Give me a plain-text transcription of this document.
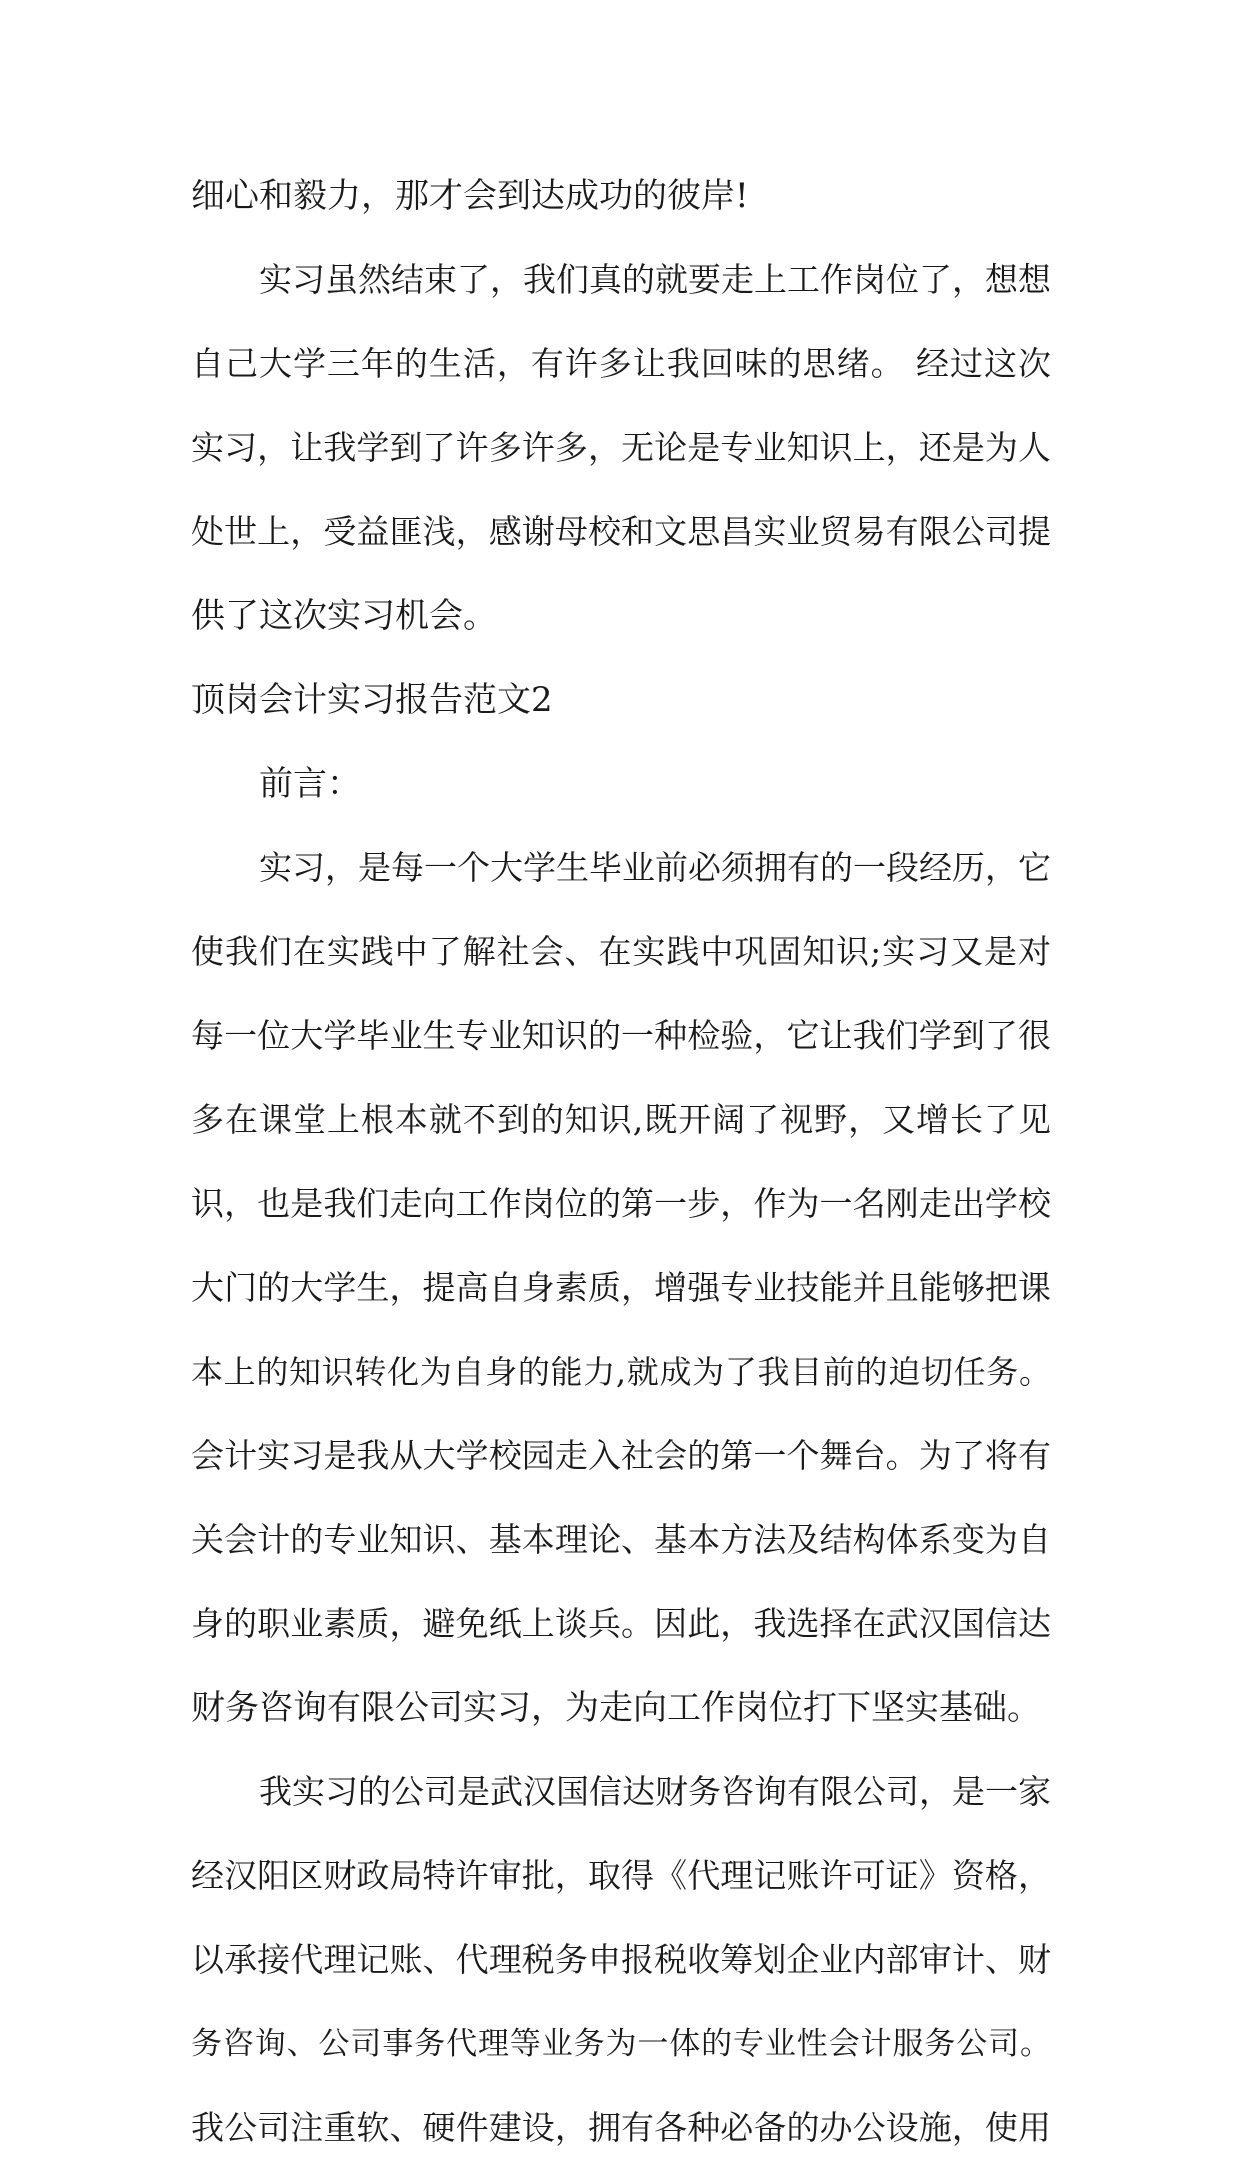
细心和毅力，那才会到达成功的彼岸!
实习虽然结束了，我们真的就要走上工作岗位了，想想
自己大学三年的生活，有许多让我回味的思绪。 经过这次
实习，让我学到了许多许多，无论是专业知识上，还是为人
处世上，受益匪浅，感谢母校和文思昌实业贸易有限公司提
供了这次实习机会。
顶岗会计实习报告范文2
前言：
实习，是每一个大学生毕业前必须拥有的一段经历，它
使我们在实践中了解社会、在实践中巩固知识;实习又是对
每一位大学毕业生专业知识的一种检验，它让我们学到了很
多在课堂上根本就不到的知识,既开阔了视野，又增长了见
识，也是我们走向工作岗位的第一步，作为一名刚走出学校
大门的大学生，提高自身素质，增强专业技能并且能够把课
本上的知识转化为自身的能力,就成为了我目前的迫切任务。
会计实习是我从大学校园走入社会的第一个舞台。为了将有
关会计的专业知识、基本理论、基本方法及结构体系变为自
身的职业素质，避免纸上谈兵。因此，我选择在武汉国信达
财务咨询有限公司实习，为走向工作岗位打下坚实基础。
我实习的公司是武汉国信达财务咨询有限公司，是一家
经汉阳区财政局特许审批，取得《代理记账许可证》资格，
以承接代理记账、代理税务申报税收筹划企业内部审计、财
务咨询、公司事务代理等业务为一体的专业性会计服务公司。
我公司注重软、硬件建设，拥有各种必备的办公设施，使用
